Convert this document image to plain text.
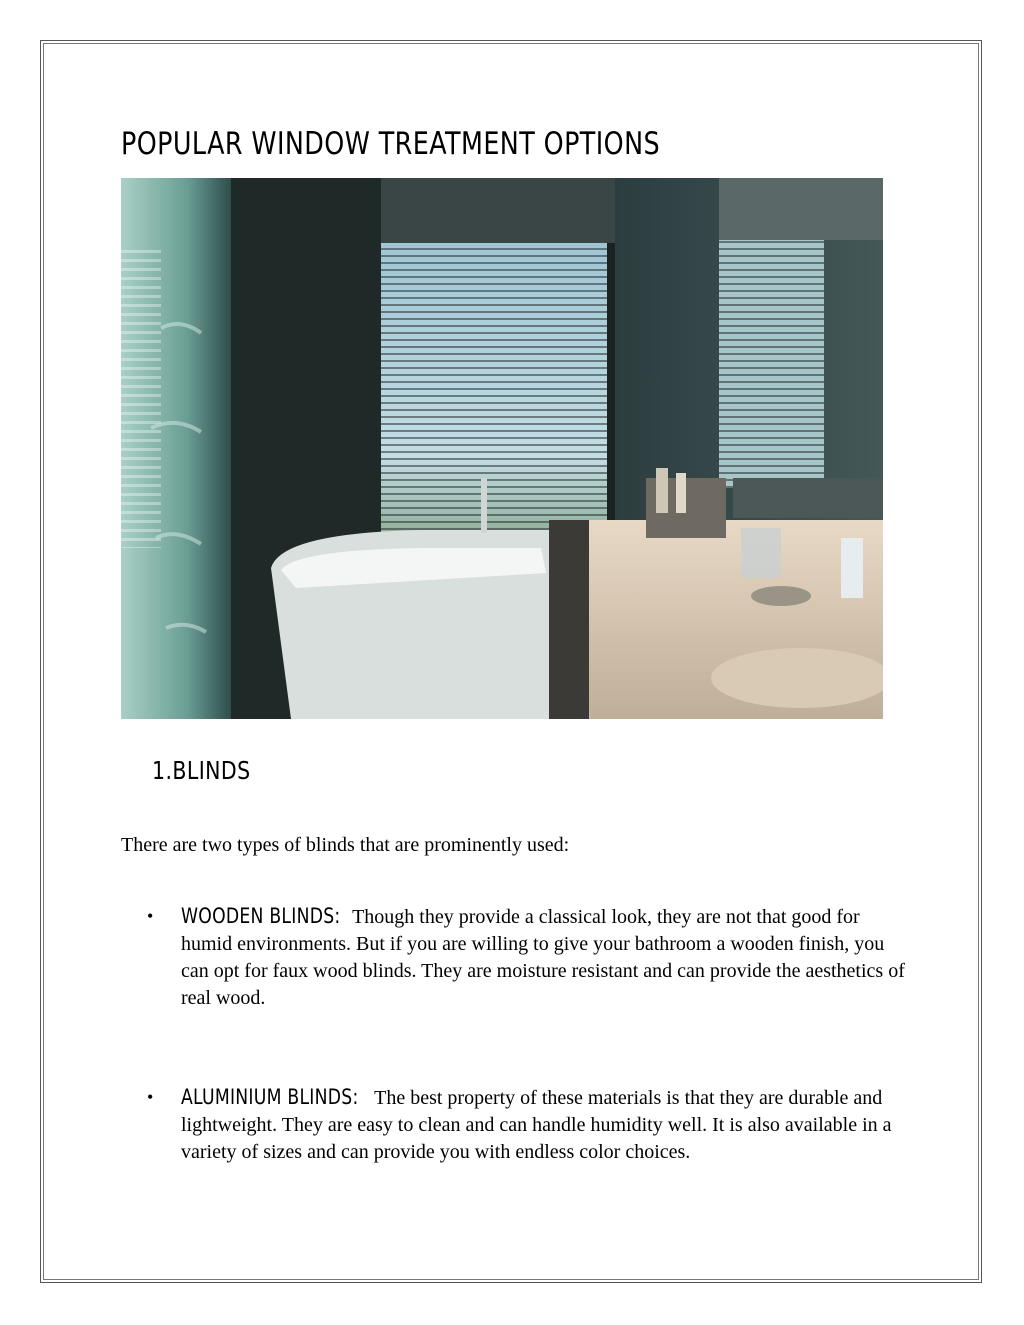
POPULAR WINDOW TREATMENT OPTIONS
1.BLINDS

There are two types of blinds that are prominently used:

• WOODEN BLINDS: Though they provide a classical look, they are not that good for humid environments. But if you are willing to give your bathroom a wooden finish, you can opt for faux wood blinds. They are moisture resistant and can provide the aesthetics of real wood.
• ALUMINIUM BLINDS: The best property of these materials is that they are durable and lightweight. They are easy to clean and can handle humidity well. It is also available in a variety of sizes and can provide you with endless color choices.
